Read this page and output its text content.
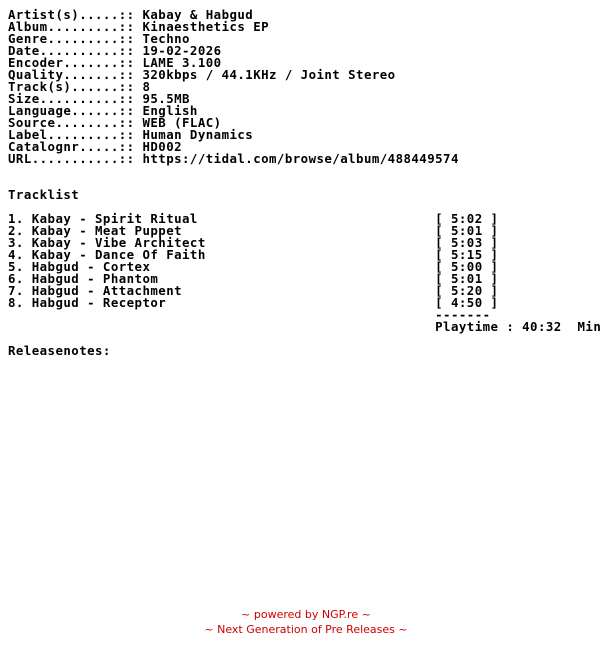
Artist(s).....:: Kabay & Habgud
Album.........:: Kinaesthetics EP
Genre.........:: Techno
Date..........:: 19-02-2026
Encoder.......:: LAME 3.100
Quality.......:: 320kbps / 44.1KHz / Joint Stereo
Track(s)......:: 8
Size..........:: 95.5MB
Language......:: English
Source........:: WEB (FLAC)
Label.........:: Human Dynamics
Catalognr.....:: HD002
URL...........:: https://tidal.com/browse/album/488449574
Tracklist
1. Kabay - Spirit Ritual	[ 5:02 ]
2. Kabay - Meat Puppet	[ 5:01 ]
3. Kabay - Vibe Architect	[ 5:03 ]
4. Kabay - Dance Of Faith	[ 5:15 ]
5. Habgud - Cortex	[ 5:00 ]
6. Habgud - Phantom	[ 5:01 ]
7. Habgud - Attachment	[ 5:20 ]
8. Habgud - Receptor	[ 4:50 ]
-------
Playtime : 40:32  Min
Releasenotes:
~ powered by NGP.re ~
~ Next Generation of Pre Releases ~
